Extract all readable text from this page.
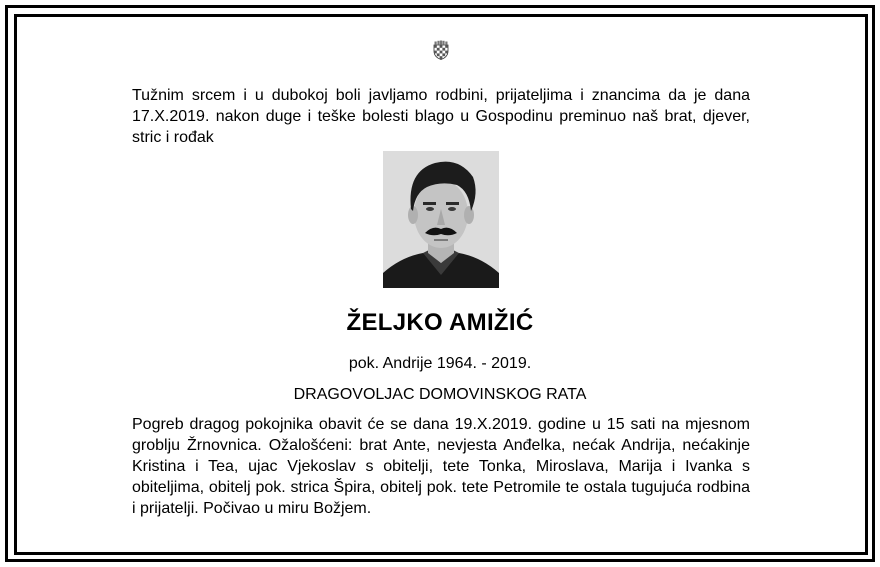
Tužnim srcem i u dubokoj boli javljamo rodbini, prijateljima i znancima da je dana 17.X.2019. nakon duge i teške bolesti blago u Gospodinu preminuo naš brat, djever, stric i rođak

ŽELJKO AMIŽIĆ

pok. Andrije 1964. - 2019.

DRAGOVOLJAC DOMOVINSKOG RATA

Pogreb dragog pokojnika obavit će se dana 19.X.2019. godine u 15 sati na mjesnom groblju Žrnovnica. Ožalošćeni: brat Ante, nevjesta Anđelka, nećak Andrija, nećakinje Kristina i Tea, ujac Vjekoslav s obitelji, tete Tonka, Miroslava, Marija i Ivanka s obiteljima, obitelj pok. strica Špira, obitelj pok. tete Petromile te ostala tugujuća rodbina i prijatelji. Počivao u miru Božjem.
